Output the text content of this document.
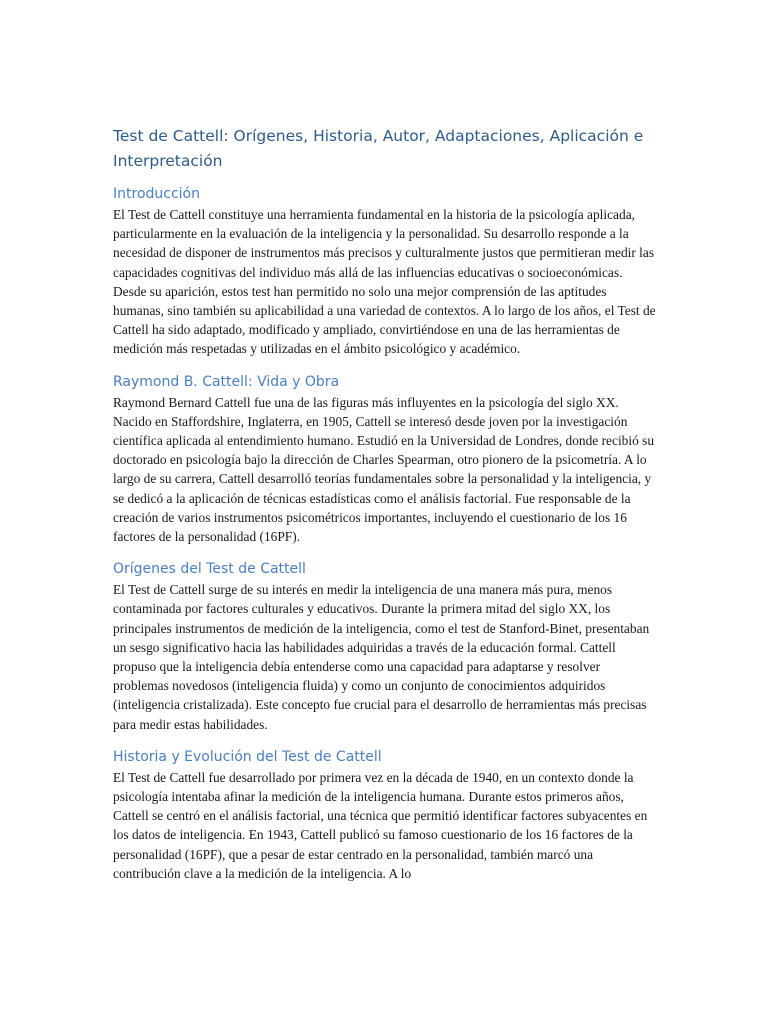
Test de Cattell: Orígenes, Historia, Autor, Adaptaciones, Aplicación e Interpretación
Introducción

El Test de Cattell constituye una herramienta fundamental en la historia de la psicología aplicada, particularmente en la evaluación de la inteligencia y la personalidad. Su desarrollo responde a la necesidad de disponer de instrumentos más precisos y culturalmente justos que permitieran medir las capacidades cognitivas del individuo más allá de las influencias educativas o socioeconómicas. Desde su aparición, estos test han permitido no solo una mejor comprensión de las aptitudes humanas, sino también su aplicabilidad a una variedad de contextos. A lo largo de los años, el Test de Cattell ha sido adaptado, modificado y ampliado, convirtiéndose en una de las herramientas de medición más respetadas y utilizadas en el ámbito psicológico y académico.

Raymond B. Cattell: Vida y Obra

Raymond Bernard Cattell fue una de las figuras más influyentes en la psicología del siglo XX. Nacido en Staffordshire, Inglaterra, en 1905, Cattell se interesó desde joven por la investigación científica aplicada al entendimiento humano. Estudió en la Universidad de Londres, donde recibió su doctorado en psicología bajo la dirección de Charles Spearman, otro pionero de la psicometría. A lo largo de su carrera, Cattell desarrolló teorías fundamentales sobre la personalidad y la inteligencia, y se dedicó a la aplicación de técnicas estadísticas como el análisis factorial. Fue responsable de la creación de varios instrumentos psicométricos importantes, incluyendo el cuestionario de los 16 factores de la personalidad (16PF).

Orígenes del Test de Cattell

El Test de Cattell surge de su interés en medir la inteligencia de una manera más pura, menos contaminada por factores culturales y educativos. Durante la primera mitad del siglo XX, los principales instrumentos de medición de la inteligencia, como el test de Stanford-Binet, presentaban un sesgo significativo hacia las habilidades adquiridas a través de la educación formal. Cattell propuso que la inteligencia debía entenderse como una capacidad para adaptarse y resolver problemas novedosos (inteligencia fluida) y como un conjunto de conocimientos adquiridos (inteligencia cristalizada). Este concepto fue crucial para el desarrollo de herramientas más precisas para medir estas habilidades.

Historia y Evolución del Test de Cattell

El Test de Cattell fue desarrollado por primera vez en la década de 1940, en un contexto donde la psicología intentaba afinar la medición de la inteligencia humana. Durante estos primeros años, Cattell se centró en el análisis factorial, una técnica que permitió identificar factores subyacentes en los datos de inteligencia. En 1943, Cattell publicó su famoso cuestionario de los 16 factores de la personalidad (16PF), que a pesar de estar centrado en la personalidad, también marcó una contribución clave a la medición de la inteligencia. A lo
